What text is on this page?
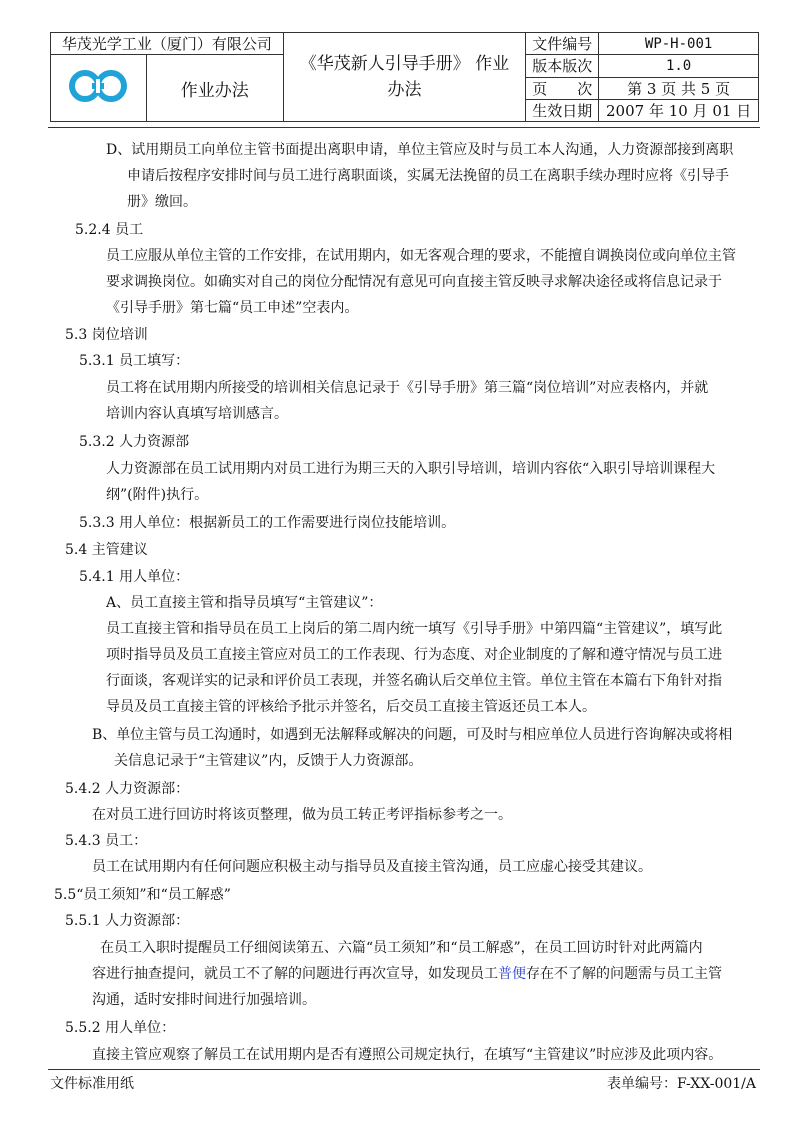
华茂光学工业（厦门）有限公司		《华茂新人引导手册》 作业办法	文件编号	WP-H-001
	作业办法		版本版次	1.0
			页　　次	第 3 页 共 5 页
			生效日期	2007 年 10 月 01 日
D、试用期员工向单位主管书面提出离职申请，单位主管应及时与员工本人沟通，人力资源部接到离职
申请后按程序安排时间与员工进行离职面谈，实属无法挽留的员工在离职手续办理时应将《引导手
册》缴回。
5.2.4 员工
员工应服从单位主管的工作安排，在试用期内，如无客观合理的要求，不能擅自调换岗位或向单位主管
要求调换岗位。如确实对自己的岗位分配情况有意见可向直接主管反映寻求解决途径或将信息记录于
《引导手册》第七篇“员工申述”空表内。
5.3 岗位培训
5.3.1 员工填写：
员工将在试用期内所接受的培训相关信息记录于《引导手册》第三篇“岗位培训”对应表格内，并就
培训内容认真填写培训感言。
5.3.2 人力资源部
人力资源部在员工试用期内对员工进行为期三天的入职引导培训，培训内容依“入职引导培训课程大
纲”(附件)执行。
5.3.3 用人单位：根据新员工的工作需要进行岗位技能培训。
5.4 主管建议
5.4.1 用人单位：
A、员工直接主管和指导员填写“主管建议”：
员工直接主管和指导员在员工上岗后的第二周内统一填写《引导手册》中第四篇“主管建议”，填写此
项时指导员及员工直接主管应对员工的工作表现、行为态度、对企业制度的了解和遵守情况与员工进
行面谈，客观详实的记录和评价员工表现，并签名确认后交单位主管。单位主管在本篇右下角针对指
导员及员工直接主管的评核给予批示并签名，后交员工直接主管返还员工本人。
B、单位主管与员工沟通时，如遇到无法解释或解决的问题，可及时与相应单位人员进行咨询解决或将相
关信息记录于“主管建议”内，反馈于人力资源部。
5.4.2 人力资源部：
在对员工进行回访时将该页整理，做为员工转正考评指标参考之一。
5.4.3 员工：
员工在试用期内有任何问题应积极主动与指导员及直接主管沟通，员工应虚心接受其建议。
5.5“员工须知”和“员工解惑”
5.5.1 人力资源部：
在员工入职时提醒员工仔细阅读第五、六篇“员工须知”和“员工解惑”，在员工回访时针对此两篇内
容进行抽查提问，就员工不了解的问题进行再次宣导，如发现员工普便存在不了解的问题需与员工主管
沟通，适时安排时间进行加强培训。
5.5.2 用人单位：
直接主管应观察了解员工在试用期内是否有遵照公司规定执行，在填写“主管建议”时应涉及此项内容。
文件标准用纸	表单编号：F-XX-001/A
